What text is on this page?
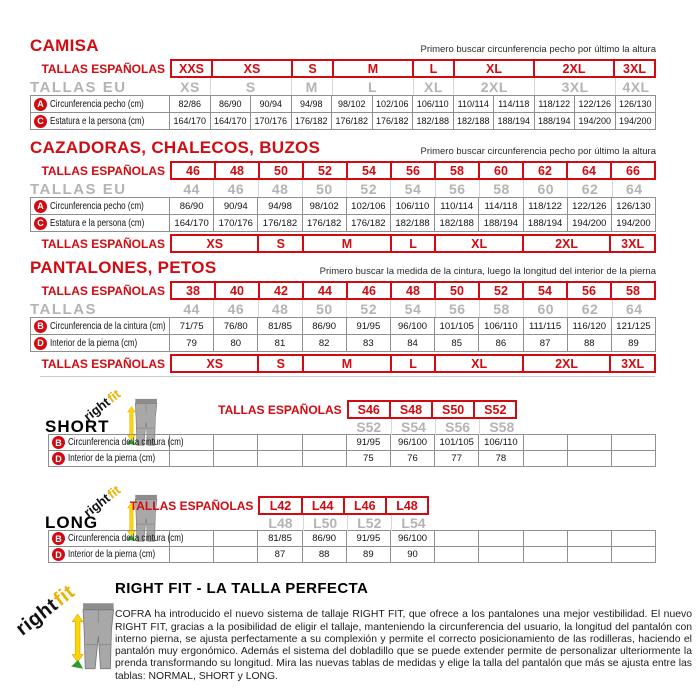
CAMISA	Primero buscar circunferencia pecho por último la altura
TALLAS ESPAÑOLAS	XXS	XS	S	M	L	XL	2XL	3XL
TALLAS EU	XS	S	M	L	XL	2XL	3XL	4XL
A Circunferencia pecho (cm)	82/86	86/90	90/94	94/98	98/102	102/106 106/110 110/114	114/118 118/122 122/126 126/130
C Estatura e la persona (cm)	164/170 164/170 170/176 176/182 176/182 176/182 182/188 182/188 188/194 188/194 194/200 194/200
CAZADORAS, CHALECOS, BUZOS	Primero buscar circunferencia pecho por último la altura
TALLAS ESPAÑOLAS	46	48	50	52	54	56	58	60	62	64	66
TALLAS EU	44	46	48	50	52	54	56	58	60	62	64
A Circunferencia pecho (cm)	86/90	90/94	94/98	98/102	102/106	106/110	110/114	114/118	118/122	122/126	126/130
C Estatura e la persona (cm)	164/170	170/176	176/182	176/182	176/182	182/188	182/188	188/194	188/194	194/200	194/200
TALLAS ESPAÑOLAS	XS	S	M	L	XL	2XL	3XL
PANTALONES, PETOS	Primero buscar la medida de la cintura, luego la longitud del interior de la pierna
TALLAS ESPAÑOLAS	38	40	42	44	46	48	50	52	54	56	58
TALLAS	44	46	48	50	52	54	56	58	60	62	64
B Circunferencia de la cintura (cm)	71/75	76/80	81/85	86/90	91/95	96/100	101/105	106/110	111/115	116/120	121/125
D Interior de la pierna (cm)	79	80	81	82	83	84	85	86	87	88	89
TALLAS ESPAÑOLAS	XS	S	M	L	XL	2XL	3XL
rightfit
SHORT
TALLAS ESPAÑOLAS	S46	S48	S50	S52
S52	S54	S56	S58
B Circunferencia de la cintura (cm)	91/95	96/100	101/105	106/110
D Interior de la pierna (cm)	75	76	77	78
rightfit
LONG
TALLAS ESPAÑOLAS	L42	L44	L46	L48
L48	L50	L52	L54
B Circunferencia de la cintura (cm)	81/85	86/90	91/95	96/100
D Interior de la pierna (cm)	87	88	89	90
rightfit RIGHT FIT - LA TALLA PERFECTA

COFRA ha introducido el nuevo sistema de tallaje RIGHT FIT, que ofrece a los pantalones una mejor vestibilidad. El nuevo RIGHT FIT, gracias a la posibilidad de eligir el tallaje, manteniendo la circunferencia del usuario, la longitud del pantalón con interno pierna, se ajusta perfectamente a su complexión y permite el correcto posicionamiento de las rodilleras, haciendo el pantalón muy ergonómico. Además el sistema del dobladillo que se puede extender permite de personalizar ulteriormente la prenda transformando su longitud. Mira las nuevas tablas de medidas y elige la talla del pantalón que más se ajusta entre las tablas: NORMAL, SHORT y LONG.
